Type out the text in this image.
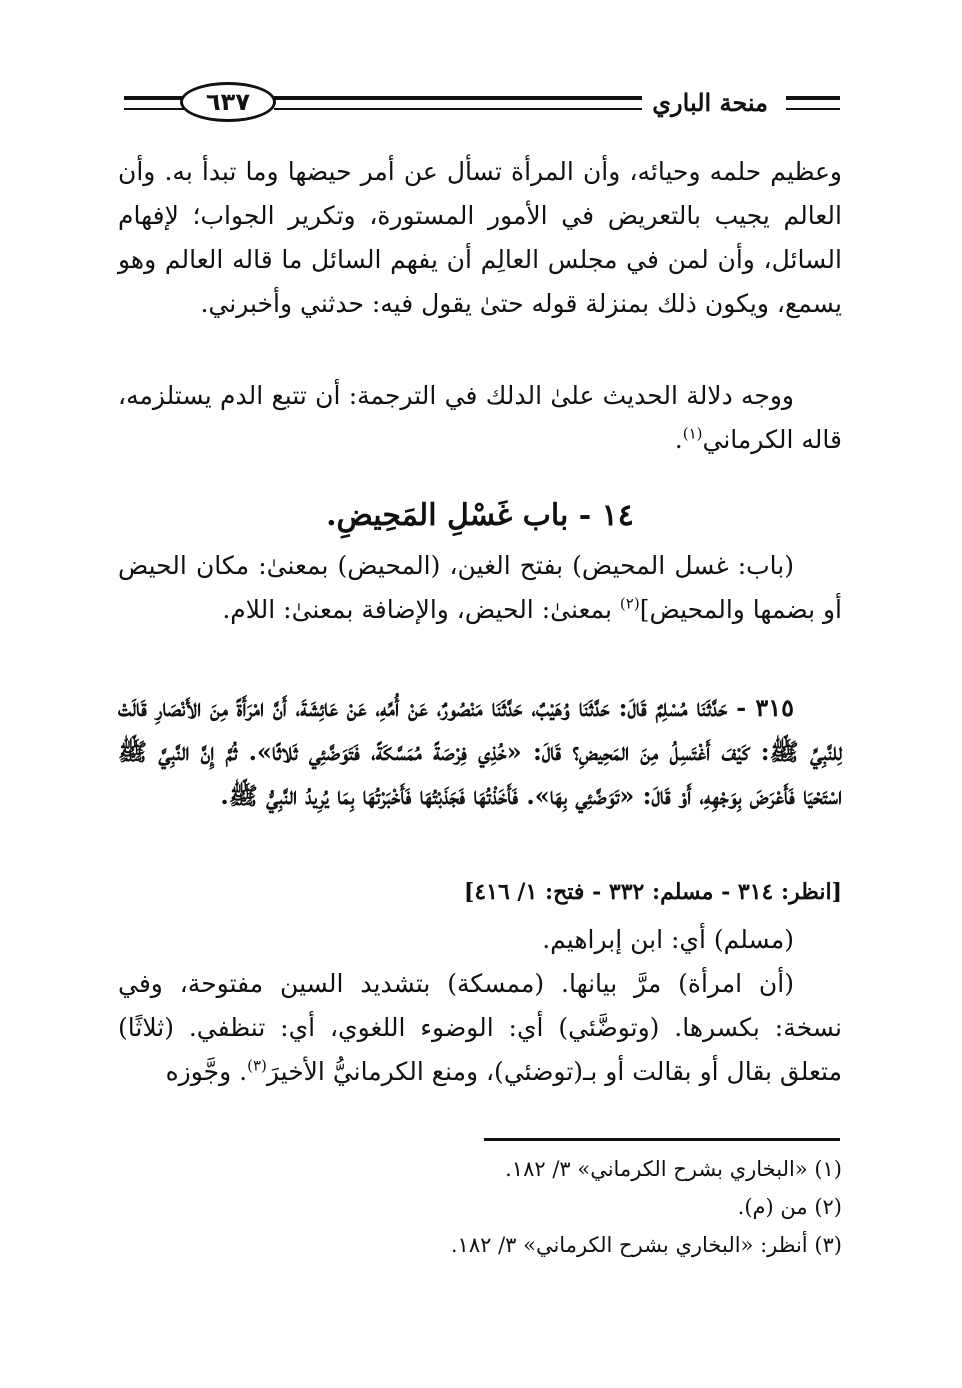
٦٣٧	منحة الباري

وعظيم حلمه وحيائه، وأن المرأة تسأل عن أمر حيضها وما تبدأ به. وأن العالم يجيب بالتعريض في الأمور المستورة، وتكرير الجواب؛ لإفهام السائل، وأن لمن في مجلس العالِم أن يفهم السائل ما قاله العالم وهو يسمع، ويكون ذلك بمنزلة قوله حتىٰ يقول فيه: حدثني وأخبرني.

ووجه دلالة الحديث علىٰ الدلك في الترجمة: أن تتبع الدم يستلزمه، قاله الكرماني$^{(١)}$.

١٤ - باب غَسْلِ المَحِيضِ.

(باب: غسل المحيض) بفتح الغين، (المحيض) بمعنىٰ: مكان الحيض أو بضمها والمحيض]$^{(٢)}$ بمعنىٰ: الحيض، والإضافة بمعنىٰ: اللام.

٣١٥ - حَدَّثَنَا مُسْلِمٌ قَالَ: حَدَّثَنَا وُهَيْبٌ، حَدَّثَنَا مَنْصُورٌ، عَنْ أُمِّهِ، عَنْ عَائِشَةَ، أَنَّ امْرَأَةً مِنَ الأَنْصَارِ قَالَتْ لِلنَّبِيِّ ﷺ: كَيْفَ أَغْتَسِلُ مِنَ المَحِيضِ؟ قَالَ: «خُذِي فِرْصَةً مُمَسَّكَةً، فَتَوَضَّئِي ثَلاثًا». ثُمَّ إِنَّ النَّبِيَّ ﷺ اسْتَحْيَا فَأَعْرَضَ بِوَجْهِهِ، أَوْ قَالَ: «تَوَضَّئِي بِهَا». فَأَخَذْتُهَا فَجَذَبْتُهَا فَأَخْبَرْتُهَا بِمَا يُرِيدُ النَّبِيُّ ﷺ.

[انظر: ٣١٤ - مسلم: ٣٣٢ - فتح: ١/ ٤١٦]

(مسلم) أي: ابن إبراهيم.

(أن امرأة) مرَّ بيانها. (ممسكة) بتشديد السين مفتوحة، وفي نسخة: بكسرها. (وتوضَّئي) أي: الوضوء اللغوي، أي: تنظفي. (ثلاثًا) متعلق بقال أو بقالت أو بـ(توضئي)، ومنع الكرمانيُّ الأخيرَ$^{(٣)}$. وجَّوزه

(١) «البخاري بشرح الكرماني» ٣/ ١٨٢.

(٢) من (م).

(٣) أنظر: «البخاري بشرح الكرماني» ٣/ ١٨٢.
